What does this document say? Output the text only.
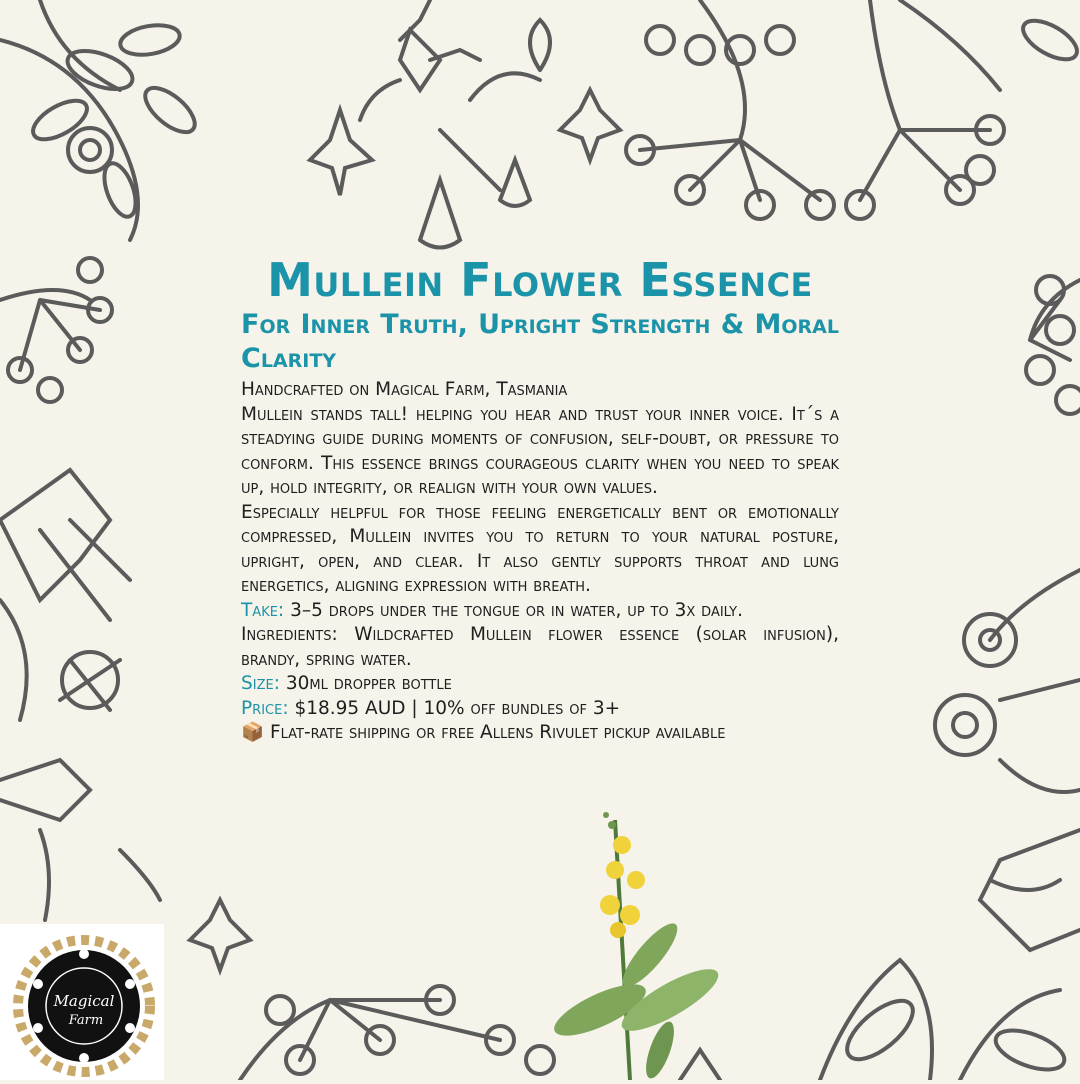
Mullein Flower Essence
For Inner Truth, Upright Strength & Moral Clarity

Handcrafted on Magical Farm, Tasmania

Mullein stands tall! helping you hear and trust your inner voice. It´s a steadying guide during moments of confusion, self-doubt, or pressure to conform. This essence brings courageous clarity when you need to speak up, hold integrity, or realign with your own values.

Especially helpful for those feeling energetically bent or emotionally compressed, Mullein invites you to return to your natural posture, upright, open, and clear. It also gently supports throat and lung energetics, aligning expression with breath.

Take: 3–5 drops under the tongue or in water, up to 3x daily.

Ingredients: Wildcrafted Mullein flower essence (solar infusion), brandy, spring water.

Size: 30ml dropper bottle

Price: $18.95 AUD | 10% off bundles of 3+

📦 Flat-rate shipping or free Allens Rivulet pickup available

Magical
Farm
